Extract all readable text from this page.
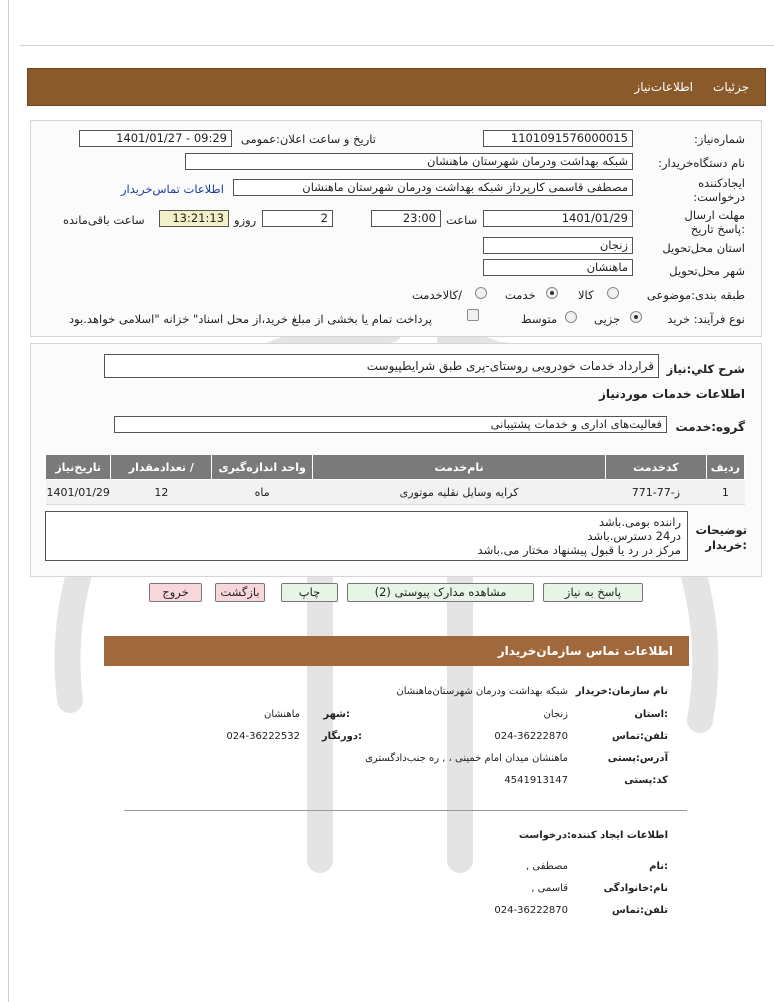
جزئیات
اطلاعات‌نیاز
شماره‌نیاز:
1101091576000015
تاریخ و ساعت اعلان:عمومی
1401/01/27 - 09:29
نام دستگاه‌خریدار:
شبکه بهداشت ودرمان شهرستان ماهنشان
ایجادکننده درخواست:
مصطفی قاسمی کارپرداز شبکه بهداشت ودرمان شهرستان ماهنشان
اطلاعات تماس‌خریدار
مهلت ارسال :پاسخ تاریخ
1401/01/29
ساعت
23:00
2
روزو
13:21:13
ساعت باقی‌مانده
استان محل‌تحویل
زنجان
شهر محل‌تحویل
ماهنشان
طبقه بندی:موضوعی
کالا
خدمت
/کالاخدمت
نوع فرآیند: خرید
جزیی
متوسط
پرداخت تمام یا بخشی از مبلغ خرید،از محل اسناد" خزانه "اسلامی خواهد.بود
شرح کلي:نیاز
قرارداد خدمات خودرویی روستای-پری طبق شرایطپیوست
اطلاعات خدمات موردنیاز
گروه:خدمت
فعالیت‌های اداری و خدمات پشتیبانی
ردیف	کدخدمت	نام‌خدمت	واحد اندازه‌گیری	/ تعدادمقدار	تاریخ‌نیاز
1	ز-77-771	کرایه وسایل نقلیه موتوری	ماه	12	1401/01/29
توضیحات :خریدار
راننده بومی.باشد
در24 دسترس.باشد
مرکز در رد یا قبول پیشنهاد مختار می.باشد
پاسخ به نیاز
مشاهده مدارک پیوستی (2)
چاپ
بازگشت
خروج
اطلاعات تماس سازمان‌خریدار
نام سازمان:خریدار
شبکه بهداشت ودرمان شهرستان‌ماهنشان
:استان
زنجان
:شهر
ماهنشان
تلفن:تماس
024-36222870
:دورنگار
024-36222532
آدرس:پستی
ماهنشان میدان امام خمینی ، , ره جنب‌دادگستری
کد:پستی
4541913147
اطلاعات ایجاد کننده:درخواست
:نام
مصطفی ,
نام:خانوادگی
قاسمی ,
تلفن:تماس
024-36222870
